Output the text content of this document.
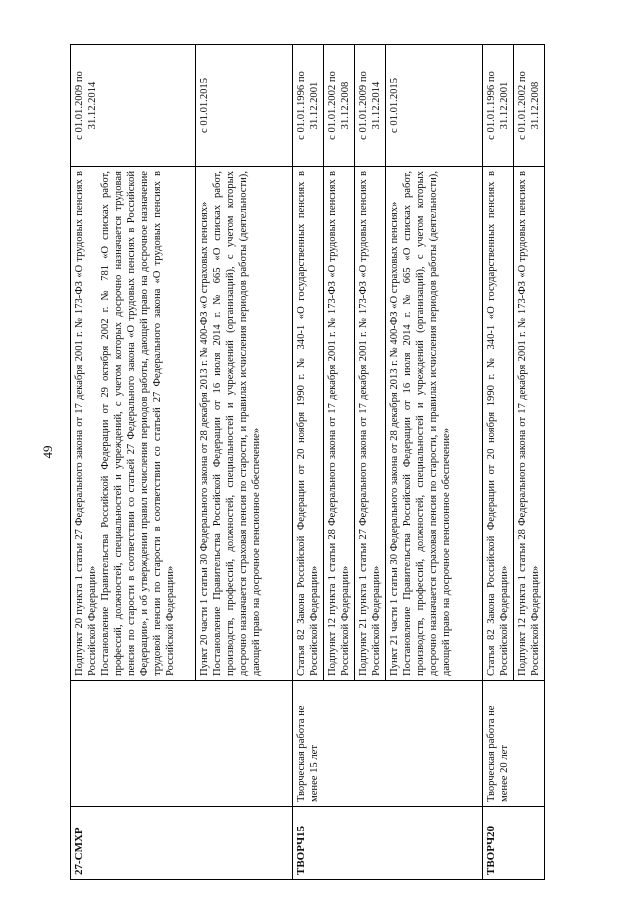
49
27-СМХР		Подпункт 20 пункта 1 статьи 27 Федерального закона от 17 декабря 2001 г. № 173-ФЗ «О трудовых пенсиях в Российской Федерации» Постановление Правительства Российской Федерации от 29 октября 2002 г. № 781 «О списках работ, профессий, должностей, специальностей и учреждений, с учетом которых досрочно назначается трудовая пенсия по старости в соответствии со статьей 27 Федерального закона «О трудовых пенсиях в Российской Федерации», и об утверждении правил исчисления периодов работы, дающей право на досрочное назначение трудовой пенсии по старости в соответствии со статьей 27 Федерального закона «О трудовых пенсиях в Российской Федерации»	с 01.01.2009 по 31.12.2014

		Пункт 20 части 1 статьи 30 Федерального закона от 28 декабря 2013 г. № 400-ФЗ «О страховых пенсиях» Постановление Правительства Российской Федерации от 16 июля 2014 г. № 665 «О списках работ, производств, профессий, должностей, специальностей и учреждений (организаций), с учетом которых досрочно назначается страховая пенсия по старости, и правилах исчисления периодов работы (деятельности), дающей право на досрочное пенсионное обеспечение»	с 01.01.2015
ТВОРЧ15	Творческая работа не менее 15 лет	Статья 82 Закона Российской Федерации от 20 ноября 1990 г. № 340-1 «О государственных пенсиях в Российской Федерации»	с 01.01.1996 по 31.12.2001
		Подпункт 12 пункта 1 статьи 28 Федерального закона от 17 декабря 2001 г. № 173-ФЗ «О трудовых пенсиях в Российской Федерации»	с 01.01.2002 по 31.12.2008
		Подпункт 21 пункта 1 статьи 27 Федерального закона от 17 декабря 2001 г. № 173-ФЗ «О трудовых пенсиях в Российской Федерации»	с 01.01.2009 по 31.12.2014

		Пункт 21 части 1 статьи 30 Федерального закона от 28 декабря 2013 г. № 400-ФЗ «О страховых пенсиях» Постановление Правительства Российской Федерации от 16 июля 2014 г. № 665 «О списках работ, производств, профессий, должностей, специальностей и учреждений (организаций), с учетом которых досрочно назначается страховая пенсия по старости, и правилах исчисления периодов работы (деятельности), дающей право на досрочное пенсионное обеспечение»	с 01.01.2015
ТВОРЧ20	Творческая работа не менее 20 лет	Статья 82 Закона Российской Федерации от 20 ноября 1990 г. № 340-1 «О государственных пенсиях в Российской Федерации»	с 01.01.1996 по 31.12.2001
		Подпункт 12 пункта 1 статьи 28 Федерального закона от 17 декабря 2001 г. № 173-ФЗ «О трудовых пенсиях в Российской Федерации»	с 01.01.2002 по 31.12.2008
